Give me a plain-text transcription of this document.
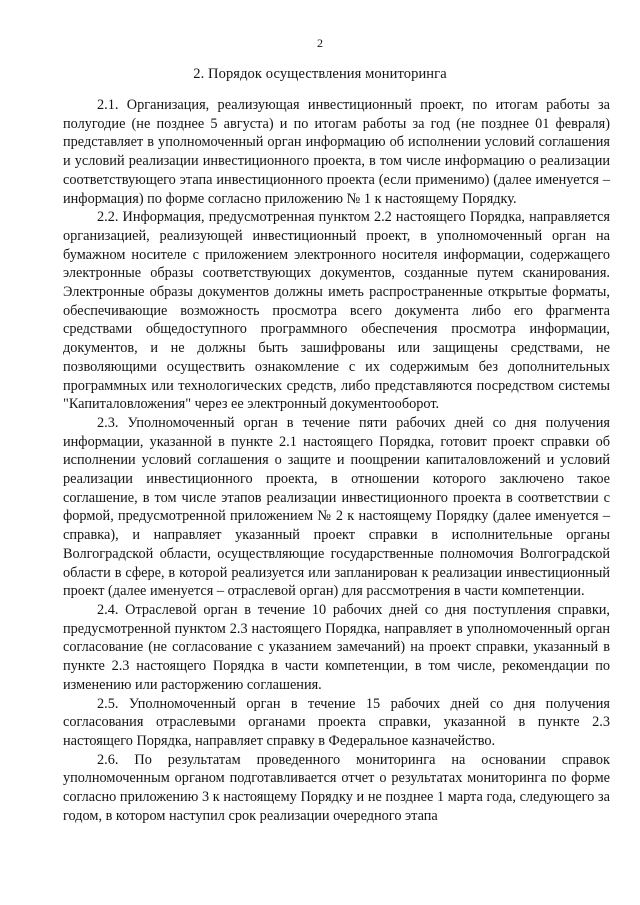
2
2. Порядок осуществления мониторинга

2.1. Организация, реализующая инвестиционный проект, по итогам работы за полугодие (не позднее 5 августа) и по итогам работы за год (не позднее 01 февраля) представляет в уполномоченный орган информацию об исполнении условий соглашения и условий реализации инвестиционного проекта, в том числе информацию о реализации соответствующего этапа инвестиционного проекта (если применимо) (далее именуется – информация) по форме согласно приложению № 1 к настоящему Порядку.

2.2. Информация, предусмотренная пунктом 2.2 настоящего Порядка, направляется организацией, реализующей инвестиционный проект, в уполномоченный орган на бумажном носителе с приложением электронного носителя информации, содержащего электронные образы соответствующих документов, созданные путем сканирования. Электронные образы документов должны иметь распространенные открытые форматы, обеспечивающие возможность просмотра всего документа либо его фрагмента средствами общедоступного программного обеспечения просмотра информации, документов, и не должны быть зашифрованы или защищены средствами, не позволяющими осуществить ознакомление с их содержимым без дополнительных программных или технологических средств, либо представляются посредством системы "Капиталовложения" через ее электронный документооборот.

2.3. Уполномоченный орган в течение пяти рабочих дней со дня получения информации, указанной в пункте 2.1 настоящего Порядка, готовит проект справки об исполнении условий соглашения о защите и поощрении капиталовложений и условий реализации инвестиционного проекта, в отношении которого заключено такое соглашение, в том числе этапов реализации инвестиционного проекта в соответствии с формой, предусмотренной приложением № 2 к настоящему Порядку (далее именуется – справка), и направляет указанный проект справки в исполнительные органы Волгоградской области, осуществляющие государственные полномочия Волгоградской области в сфере, в которой реализуется или запланирован к реализации инвестиционный проект (далее именуется – отраслевой орган) для рассмотрения в части компетенции.

2.4. Отраслевой орган в течение 10 рабочих дней со дня поступления справки, предусмотренной пунктом 2.3 настоящего Порядка, направляет в уполномоченный орган согласование (не согласование с указанием замечаний) на проект справки, указанный в пункте 2.3 настоящего Порядка в части компетенции, в том числе, рекомендации по изменению или расторжению соглашения.

2.5. Уполномоченный орган в течение 15 рабочих дней со дня получения согласования отраслевыми органами проекта справки, указанной в пункте 2.3 настоящего Порядка, направляет справку в Федеральное казначейство.

2.6. По результатам проведенного мониторинга на основании справок уполномоченным органом подготавливается отчет о результатах мониторинга по форме согласно приложению 3 к настоящему Порядку и не позднее 1 марта года, следующего за годом, в котором наступил срок реализации очередного этапа
